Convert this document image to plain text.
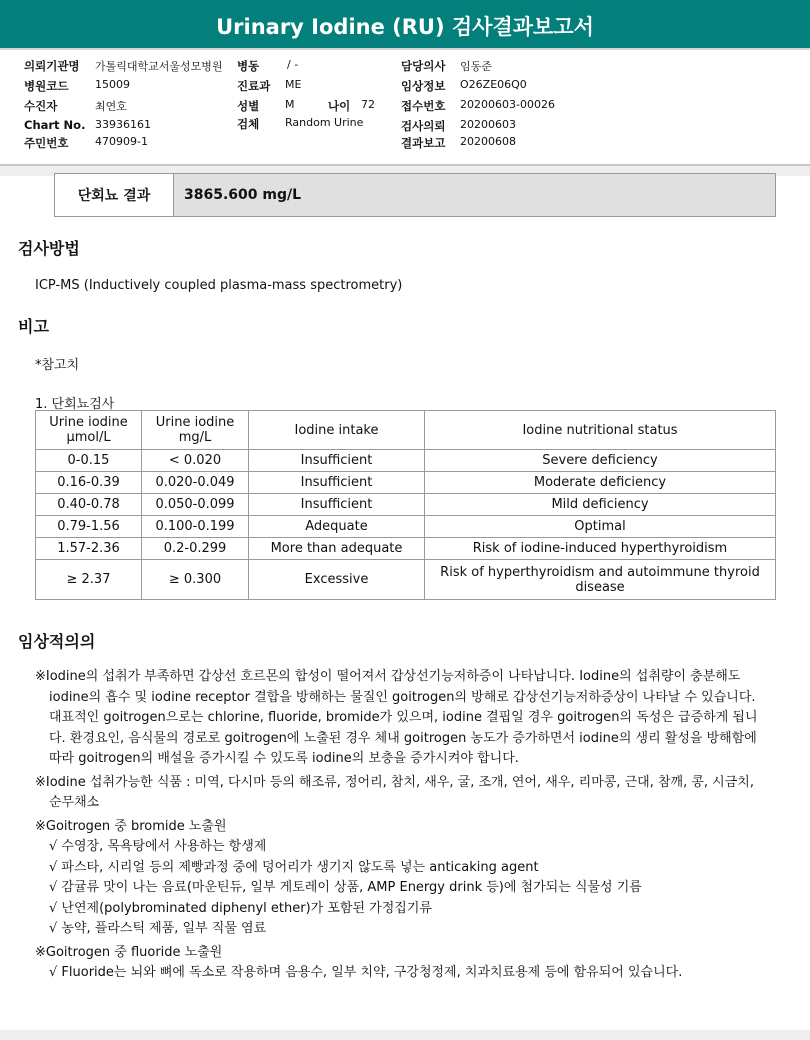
Urinary Iodine (RU) 검사결과보고서
의뢰기관명 가톨릭대학교서울성모병원 병동	/ -	담당의사 임동준
병원코드 15009	진료과 ME	임상정보 O26ZE06Q0
수진자	최연호	성별 M	나이 72 접수번호 20200603-00026
Chart No. 33936161	검체 Random Urine	검사의뢰 20200603
주민번호 470909-1	결과보고 20200608
단회뇨 결과	3865.600 mg/L
검사방법
ICP-MS (Inductively coupled plasma-mass spectrometry)
비고
*참고치
1. 단회뇨검사
Urine iodine μmol/L	Urine iodine mg/L	Iodine intake	Iodine nutritional status
0-0.15	< 0.020	Insufficient	Severe deficiency
0.16-0.39	0.020-0.049	Insufficient	Moderate deficiency
0.40-0.78	0.050-0.099	Insufficient	Mild deficiency
0.79-1.56	0.100-0.199	Adequate	Optimal
1.57-2.36	0.2-0.299	More than adequate	Risk of iodine-induced hyperthyroidism
≥ 2.37	≥ 0.300	Excessive	Risk of hyperthyroidism and autoimmune thyroid disease
임상적의의

※Iodine의 섭취가 부족하면 갑상선 호르몬의 합성이 떨어져서 갑상선기능저하증이 나타납니다. Iodine의 섭취량이 충분해도 iodine의 흡수 및 iodine receptor 결합을 방해하는 물질인 goitrogen의 방해로 갑상선기능저하증상이 나타날 수 있습니다.

대표적인 goitrogen으로는 chlorine, fluoride, bromide가 있으며, iodine 결핍일 경우 goitrogen의 독성은 급증하게 됩니다. 환경요인, 음식물의 경로로 goitrogen에 노출된 경우 체내 goitrogen 농도가 증가하면서 iodine의 생리 활성을 방해함에 따라 goitrogen의 배설을 증가시킬 수 있도록 iodine의 보충을 증가시켜야 합니다.

※Iodine 섭취가능한 식품 : 미역, 다시마 등의 해조류, 정어리, 참치, 새우, 굴, 조개, 연어, 새우, 리마콩, 근대, 참깨, 콩, 시금치, 순무채소

※Goitrogen 중 bromide 노출원

√ 수영장, 목욕탕에서 사용하는 항생제

√ 파스타, 시리얼 등의 제빵과정 중에 덩어리가 생기지 않도록 넣는 anticaking agent

√ 감귤류 맛이 나는 음료(마운틴듀, 일부 게토레이 상품, AMP Energy drink 등)에 첨가되는 식물성 기름

√ 난연제(polybrominated diphenyl ether)가 포함된 가정집기류

√ 농약, 플라스틱 제품, 일부 직물 염료

※Goitrogen 중 fluoride 노출원

√ Fluoride는 뇌와 뼈에 독소로 작용하며 음용수, 일부 치약, 구강청정제, 치과치료용제 등에 함유되어 있습니다.
